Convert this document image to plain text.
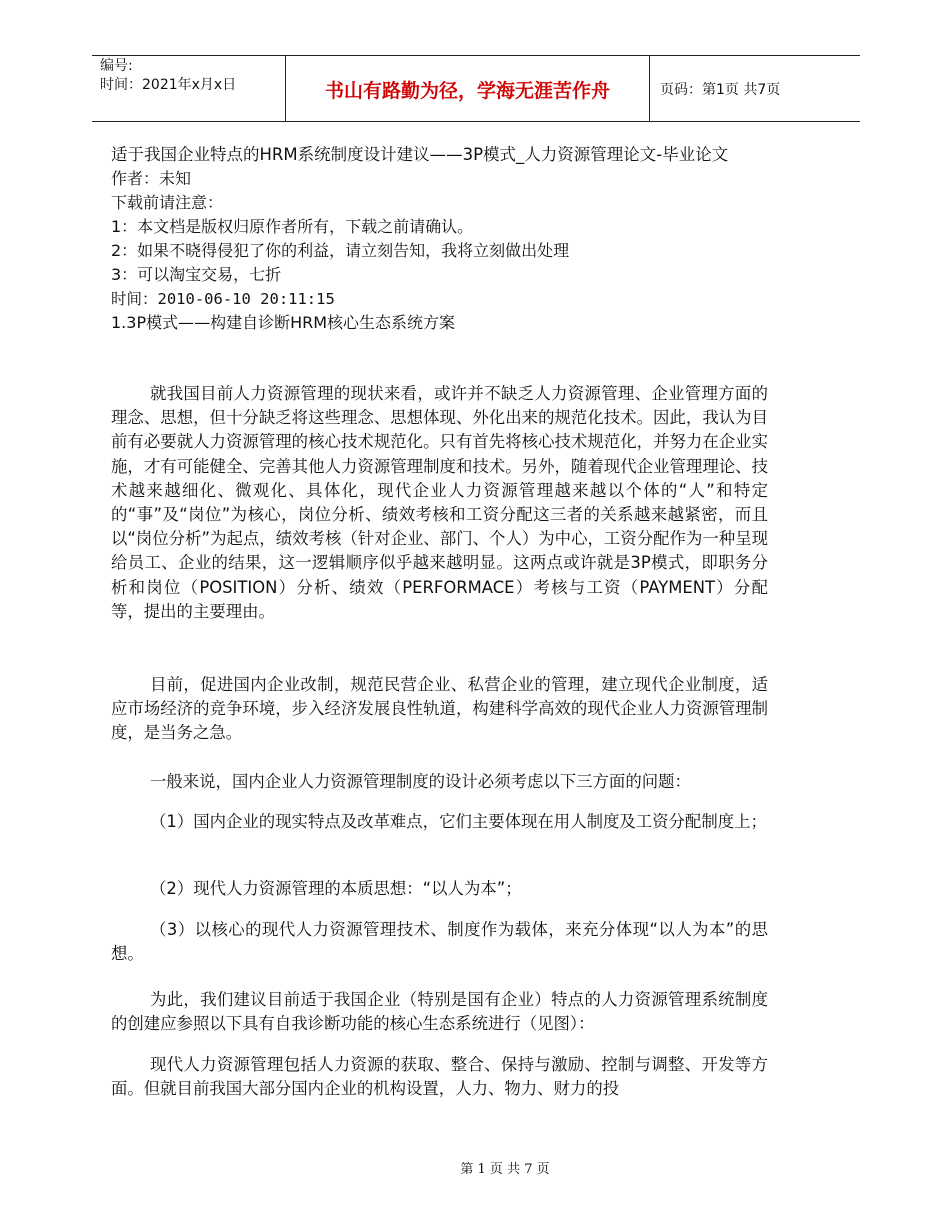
编号:
时间：2021年x月x日	书山有路勤为径，学海无涯苦作舟	页码：第1页 共7页

适于我国企业特点的HRM系统制度设计建议——3P模式_人力资源管理论文-毕业论文

作者：未知

下载前请注意：

1：本文档是版权归原作者所有，下载之前请确认。

2：如果不晓得侵犯了你的利益，请立刻告知，我将立刻做出处理

3：可以淘宝交易，七折

时间：2010-06-10 20:11:15

1.3P模式——构建自诊断HRM核心生态系统方案

就我国目前人力资源管理的现状来看，或许并不缺乏人力资源管理、企业管理方面的理念、思想，但十分缺乏将这些理念、思想体现、外化出来的规范化技术。因此，我认为目前有必要就人力资源管理的核心技术规范化。只有首先将核心技术规范化，并努力在企业实施，才有可能健全、完善其他人力资源管理制度和技术。另外，随着现代企业管理理论、技术越来越细化、微观化、具体化，现代企业人力资源管理越来越以个体的“人”和特定的“事”及“岗位”为核心，岗位分析、绩效考核和工资分配这三者的关系越来越紧密，而且以“岗位分析”为起点，绩效考核（针对企业、部门、个人）为中心，工资分配作为一种呈现给员工、企业的结果，这一逻辑顺序似乎越来越明显。这两点或许就是3P模式，即职务分析和岗位（POSITION）分析、绩效（PERFORMACE）考核与工资（PAYMENT）分配等，提出的主要理由。

目前，促进国内企业改制，规范民营企业、私营企业的管理，建立现代企业制度，适应市场经济的竞争环境，步入经济发展良性轨道，构建科学高效的现代企业人力资源管理制度，是当务之急。

一般来说，国内企业人力资源管理制度的设计必须考虑以下三方面的问题：

（1）国内企业的现实特点及改革难点，它们主要体现在用人制度及工资分配制度上；

（2）现代人力资源管理的本质思想：“以人为本”；

（3）以核心的现代人力资源管理技术、制度作为载体，来充分体现“以人为本”的思想。

为此，我们建议目前适于我国企业（特别是国有企业）特点的人力资源管理系统制度的创建应参照以下具有自我诊断功能的核心生态系统进行（见图）：

现代人力资源管理包括人力资源的获取、整合、保持与激励、控制与调整、开发等方面。但就目前我国大部分国内企业的机构设置，人力、物力、财力的投

第 1 页 共 7 页
